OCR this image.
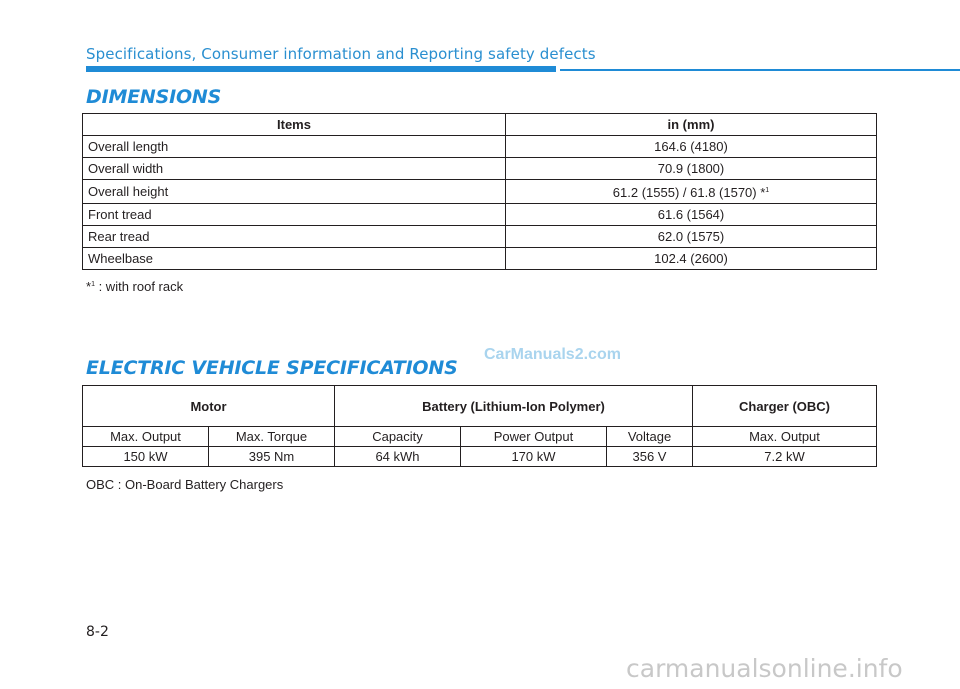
Specifications, Consumer information and Reporting safety defects
DIMENSIONS
Items	in (mm)
Overall length	164.6 (4180)
Overall width	70.9 (1800)
Overall height	61.2 (1555) / 61.8 (1570) *$^1$
Front tread	61.6 (1564)
Rear tread	62.0 (1575)
Wheelbase	102.4 (2600)
*$^1$ : with roof rack
ELECTRIC VEHICLE SPECIFICATIONS
CarManuals2.com
Motor		Battery (Lithium-Ion Polymer)			Charger (OBC)
Max. Output	Max. Torque	Capacity	Power Output	Voltage	Max. Output
150 kW	395 Nm	64 kWh	170 kW	356 V	7.2 kW
OBC : On-Board Battery Chargers
8-2
carmanualsonline.info
